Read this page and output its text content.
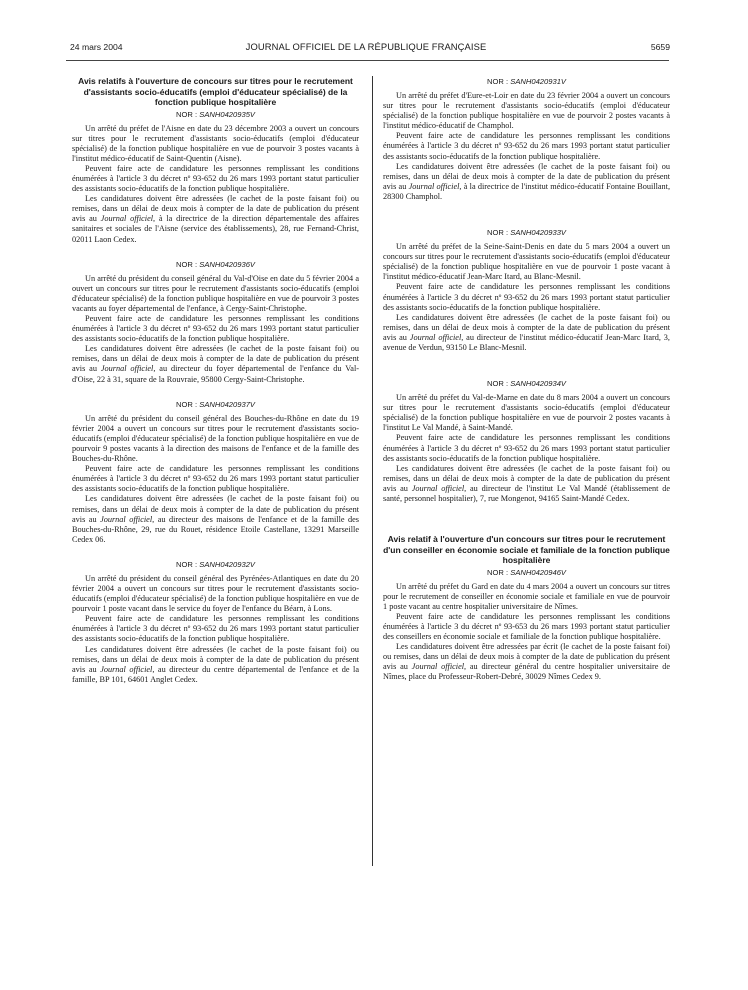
24 mars 2004	JOURNAL OFFICIEL DE LA RÉPUBLIQUE FRANÇAISE	5659
Avis relatifs à l'ouverture de concours sur titres pour le recrutement d'assistants socio-éducatifs (emploi d'éducateur spécialisé) de la fonction publique hospitalière
NOR : SANH0420935V

Un arrêté du préfet de l'Aisne en date du 23 décembre 2003 a ouvert un concours sur titres pour le recrutement d'assistants socio-éducatifs (emploi d'éducateur spécialisé) de la fonction publique hospitalière en vue de pourvoir 3 postes vacants à l'institut médico-éducatif de Saint-Quentin (Aisne).

Peuvent faire acte de candidature les personnes remplissant les conditions énumérées à l'article 3 du décret nº 93-652 du 26 mars 1993 portant statut particulier des assistants socio-éducatifs de la fonction publique hospitalière.

Les candidatures doivent être adressées (le cachet de la poste faisant foi) ou remises, dans un délai de deux mois à compter de la date de publication du présent avis au Journal officiel, à la directrice de la direction départementale des affaires sanitaires et sociales de l'Aisne (service des établissements), 28, rue Fernand-Christ, 02011 Laon Cedex.

NOR : SANH0420936V

Un arrêté du président du conseil général du Val-d'Oise en date du 5 février 2004 a ouvert un concours sur titres pour le recrutement d'assistants socio-éducatifs (emploi d'éducateur spécialisé) de la fonction publique hospitalière en vue de pourvoir 3 postes vacants au foyer départemental de l'enfance, à Cergy-Saint-Christophe.

Peuvent faire acte de candidature les personnes remplissant les conditions énumérées à l'article 3 du décret nº 93-652 du 26 mars 1993 portant statut particulier des assistants socio-éducatifs de la fonction publique hospitalière.

Les candidatures doivent être adressées (le cachet de la poste faisant foi) ou remises, dans un délai de deux mois à compter de la date de publication du présent avis au Journal officiel, au directeur du foyer départemental de l'enfance du Val-d'Oise, 22 à 31, square de la Rouvraie, 95800 Cergy-Saint-Christophe.

NOR : SANH0420937V

Un arrêté du président du conseil général des Bouches-du-Rhône en date du 19 février 2004 a ouvert un concours sur titres pour le recrutement d'assistants socio-éducatifs (emploi d'éducateur spécialisé) de la fonction publique hospitalière en vue de pourvoir 9 postes vacants à la direction des maisons de l'enfance et de la famille des Bouches-du-Rhône.

Peuvent faire acte de candidature les personnes remplissant les conditions énumérées à l'article 3 du décret nº 93-652 du 26 mars 1993 portant statut particulier des assistants socio-éducatifs de la fonction publique hospitalière.

Les candidatures doivent être adressées (le cachet de la poste faisant foi) ou remises, dans un délai de deux mois à compter de la date de publication du présent avis au Journal officiel, au directeur des maisons de l'enfance et de la famille des Bouches-du-Rhône, 29, rue du Rouet, résidence Etoile Castellane, 13291 Marseille Cedex 06.

NOR : SANH0420932V

Un arrêté du président du conseil général des Pyrénées-Atlantiques en date du 20 février 2004 a ouvert un concours sur titres pour le recrutement d'assistants socio-éducatifs (emploi d'éducateur spécialisé) de la fonction publique hospitalière en vue de pourvoir 1 poste vacant dans le service du foyer de l'enfance du Béarn, à Lons.

Peuvent faire acte de candidature les personnes remplissant les conditions énumérées à l'article 3 du décret nº 93-652 du 26 mars 1993 portant statut particulier des assistants socio-éducatifs de la fonction publique hospitalière.

Les candidatures doivent être adressées (le cachet de la poste faisant foi) ou remises, dans un délai de deux mois à compter de la date de publication du présent avis au Journal officiel, au directeur du centre départemental de l'enfance et de la famille, BP 101, 64601 Anglet Cedex.

NOR : SANH0420931V

Un arrêté du préfet d'Eure-et-Loir en date du 23 février 2004 a ouvert un concours sur titres pour le recrutement d'assistants socio-éducatifs (emploi d'éducateur spécialisé) de la fonction publique hospitalière en vue de pourvoir 2 postes vacants à l'institut médico-éducatif de Champhol.

Peuvent faire acte de candidature les personnes remplissant les conditions énumérées à l'article 3 du décret nº 93-652 du 26 mars 1993 portant statut particulier des assistants socio-éducatifs de la fonction publique hospitalière.

Les candidatures doivent être adressées (le cachet de la poste faisant foi) ou remises, dans un délai de deux mois à compter de la date de publication du présent avis au Journal officiel, à la directrice de l'institut médico-éducatif Fontaine Bouillant, 28300 Champhol.

NOR : SANH0420933V

Un arrêté du préfet de la Seine-Saint-Denis en date du 5 mars 2004 a ouvert un concours sur titres pour le recrutement d'assistants socio-éducatifs (emploi d'éducateur spécialisé) de la fonction publique hospitalière en vue de pourvoir 1 poste vacant à l'institut médico-éducatif Jean-Marc Itard, au Blanc-Mesnil.

Peuvent faire acte de candidature les personnes remplissant les conditions énumérées à l'article 3 du décret nº 93-652 du 26 mars 1993 portant statut particulier des assistants socio-éducatifs de la fonction publique hospitalière.

Les candidatures doivent être adressées (le cachet de la poste faisant foi) ou remises, dans un délai de deux mois à compter de la date de publication du présent avis au Journal officiel, au directeur de l'institut médico-éducatif Jean-Marc Itard, 3, avenue de Verdun, 93150 Le Blanc-Mesnil.

NOR : SANH0420934V

Un arrêté du préfet du Val-de-Marne en date du 8 mars 2004 a ouvert un concours sur titres pour le recrutement d'assistants socio-éducatifs (emploi d'éducateur spécialisé) de la fonction publique hospitalière en vue de pourvoir 2 postes vacants à l'institut Le Val Mandé, à Saint-Mandé.

Peuvent faire acte de candidature les personnes remplissant les conditions énumérées à l'article 3 du décret nº 93-652 du 26 mars 1993 portant statut particulier des assistants socio-éducatifs de la fonction publique hospitalière.

Les candidatures doivent être adressées (le cachet de la poste faisant foi) ou remises, dans un délai de deux mois à compter de la date de publication du présent avis au Journal officiel, au directeur de l'institut Le Val Mandé (établissement de santé, personnel hospitalier), 7, rue Mongenot, 94165 Saint-Mandé Cedex.

Avis relatif à l'ouverture d'un concours sur titres pour le recrutement d'un conseiller en économie sociale et familiale de la fonction publique hospitalière
NOR : SANH0420946V

Un arrêté du préfet du Gard en date du 4 mars 2004 a ouvert un concours sur titres pour le recrutement de conseiller en économie sociale et familiale en vue de pourvoir 1 poste vacant au centre hospitalier universitaire de Nîmes.

Peuvent faire acte de candidature les personnes remplissant les conditions énumérées à l'article 3 du décret nº 93-653 du 26 mars 1993 portant statut particulier des conseillers en économie sociale et familiale de la fonction publique hospitalière.

Les candidatures doivent être adressées par écrit (le cachet de la poste faisant foi) ou remises, dans un délai de deux mois à compter de la date de publication du présent avis au Journal officiel, au directeur général du centre hospitalier universitaire de Nîmes, place du Professeur-Robert-Debré, 30029 Nîmes Cedex 9.
